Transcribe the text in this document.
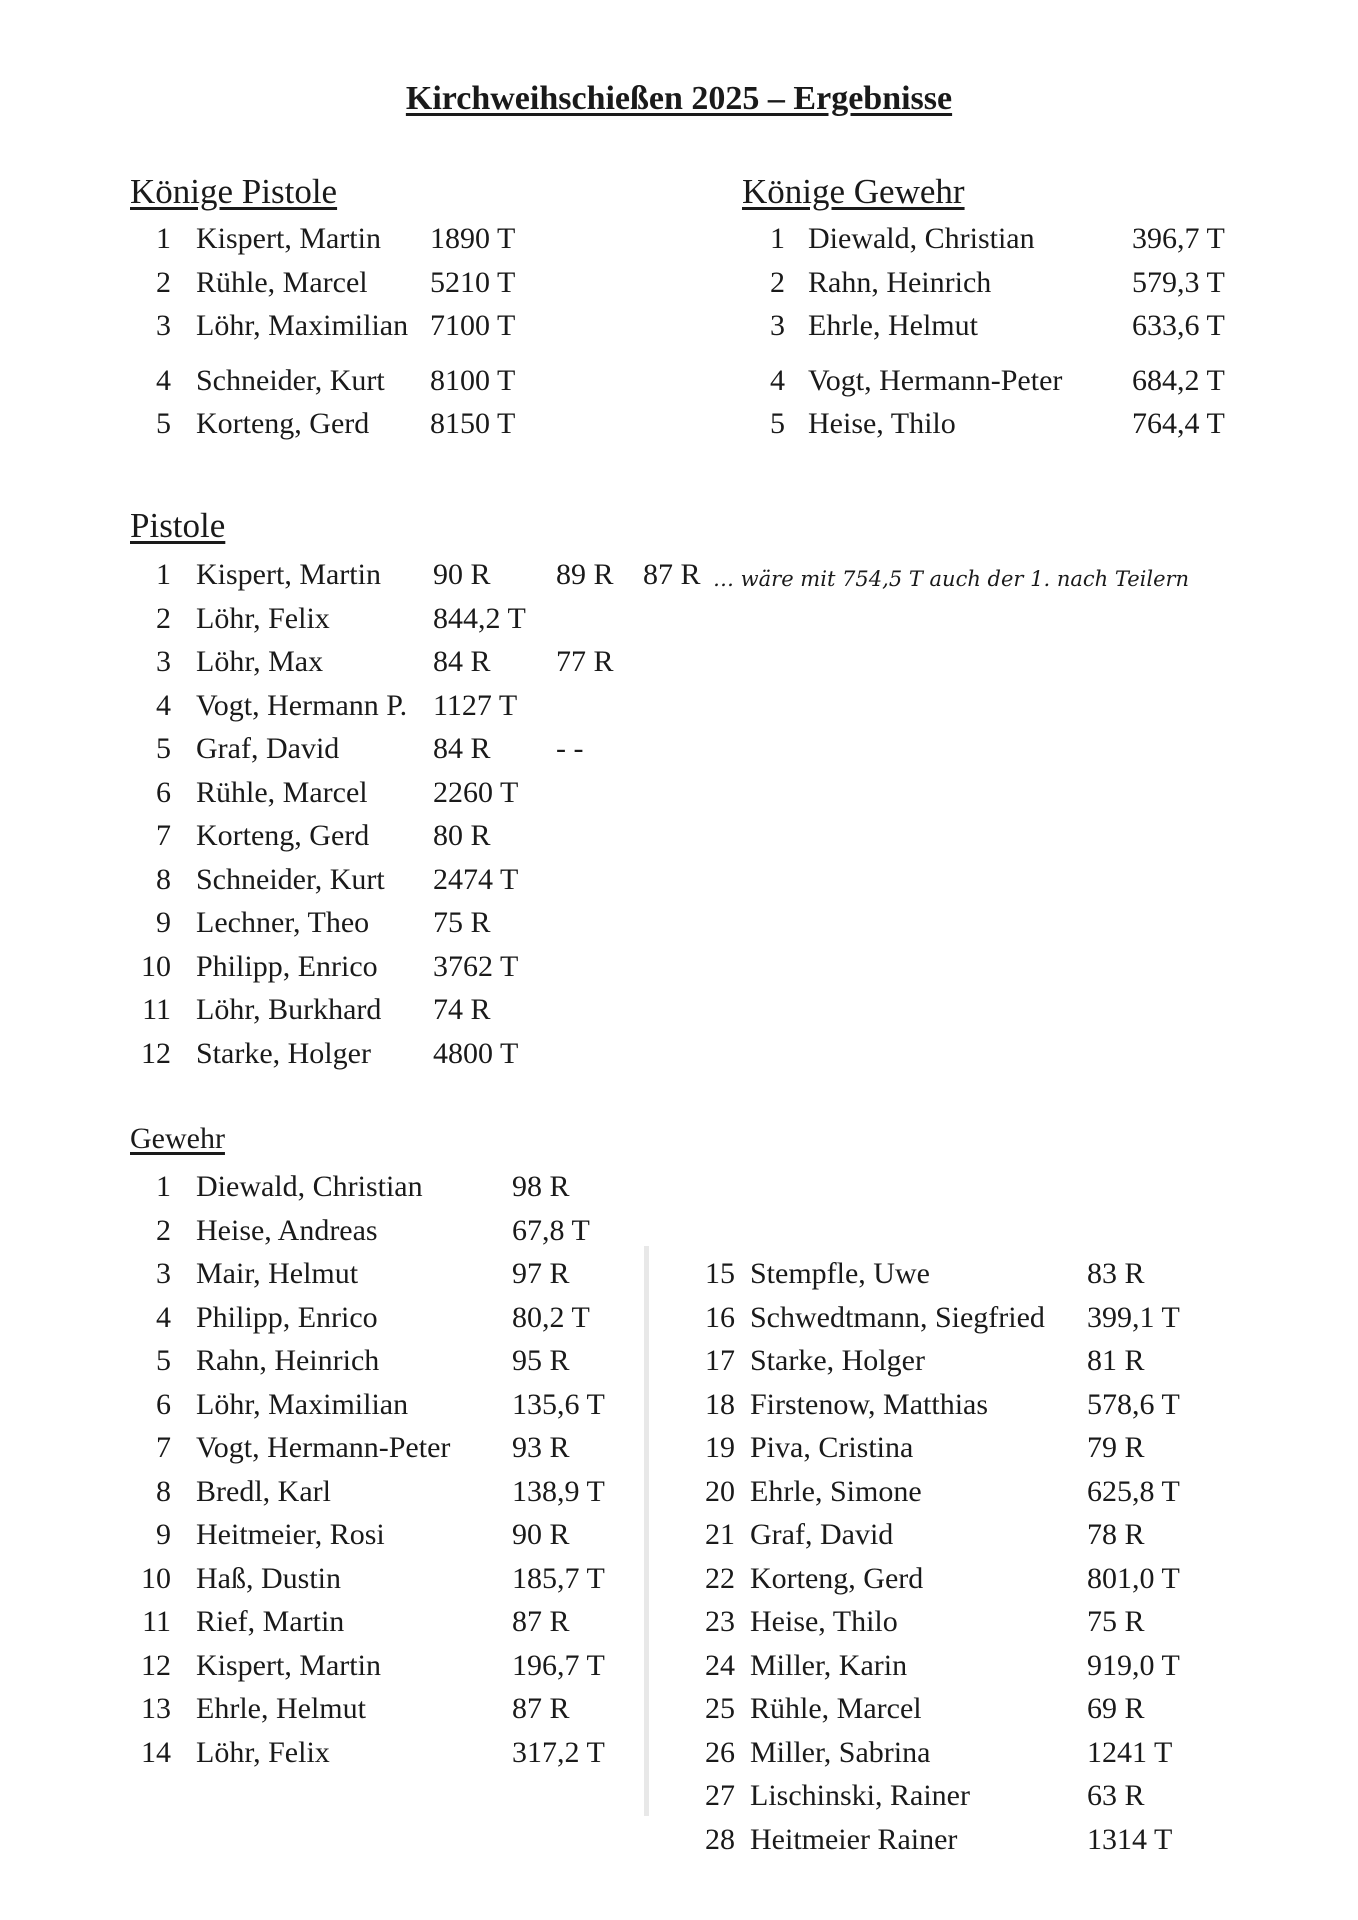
Kirchweihschießen 2025 – Ergebnisse
Könige Pistole	Könige Gewehr
Pistole
Gewehr
1 Kispert, Martin 1890 T
2 Rühle, Marcel 5210 T
3 Löhr, Maximilian 7100 T
4 Schneider, Kurt 8100 T
5 Korteng, Gerd 8150 T
1 Diewald, Christian	396,7 T
2 Rahn, Heinrich	579,3 T
3 Ehrle, Helmut	633,6 T
4 Vogt, Hermann-Peter 684,2 T
5 Heise, Thilo	764,4 T
1 Kispert, Martin 90 R 89 R 87 R … wäre mit 754,5 T auch der 1. nach Teilern
2 Löhr, Felix	844,2 T
3 Löhr, Max	84 R 77 R
4 Vogt, Hermann P. 1127 T
5 Graf, David	84 R - -
6 Rühle, Marcel 2260 T
7 Korteng, Gerd 80 R
8 Schneider, Kurt 2474 T
9 Lechner, Theo 75 R
10 Philipp, Enrico 3762 T
11 Löhr, Burkhard 74 R
12 Starke, Holger 4800 T
1 Diewald, Christian	98 R
2 Heise, Andreas	67,8 T
3 Mair, Helmut	97 R
4 Philipp, Enrico	80,2 T
5 Rahn, Heinrich	95 R
6 Löhr, Maximilian	135,6 T
7 Vogt, Hermann-Peter 93 R
8 Bredl, Karl	138,9 T
9 Heitmeier, Rosi	90 R
10 Haß, Dustin	185,7 T
11 Rief, Martin	87 R
12 Kispert, Martin	196,7 T
13 Ehrle, Helmut	87 R
14 Löhr, Felix	317,2 T
15 Stempfle, Uwe	83 R
16 Schwedtmann, Siegfried 399,1 T
17 Starke, Holger	81 R
18 Firstenow, Matthias	578,6 T
19 Piva, Cristina	79 R
20 Ehrle, Simone	625,8 T
21 Graf, David	78 R
22 Korteng, Gerd	801,0 T
23 Heise, Thilo	75 R
24 Miller, Karin	919,0 T
25 Rühle, Marcel	69 R
26 Miller, Sabrina	1241 T
27 Lischinski, Rainer	63 R
28 Heitmeier Rainer	1314 T
